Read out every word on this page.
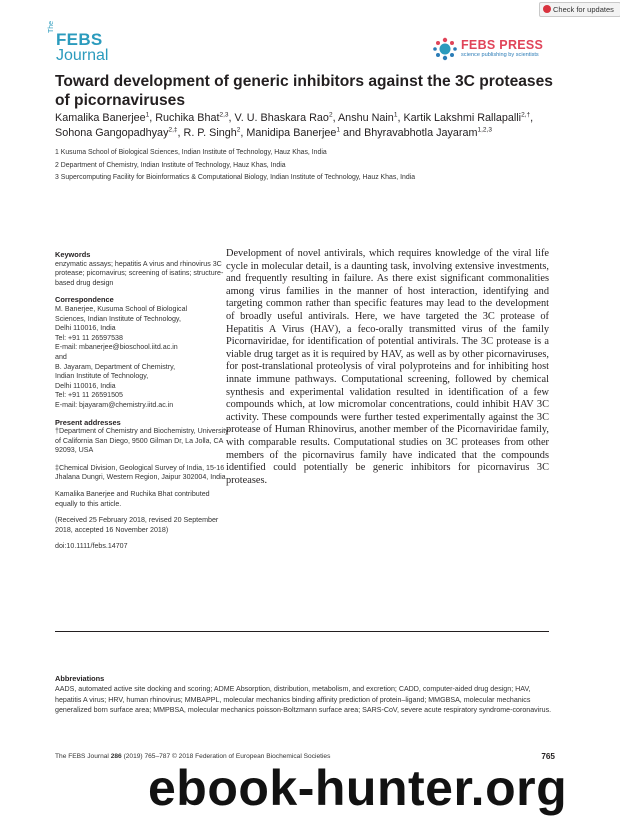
Check for updates
The
FEBS
Journal
FEBS PRESS
science publishing by scientists
Toward development of generic inhibitors against the 3C proteases of picornaviruses
Kamalika Banerjee$^1$, Ruchika Bhat$^{2,3}$, V. U. Bhaskara Rao$^2$, Anshu Nain$^1$, Kartik Lakshmi Rallapalli$^{2,\dagger}$, Sohona Gangopadhyay$^{2,\ddagger}$, R. P. Singh$^2$, Manidipa Banerjee$^1$ and Bhyravabhotla Jayaram$^{1,2,3}$
1 Kusuma School of Biological Sciences, Indian Institute of Technology, Hauz Khas, India
2 Department of Chemistry, Indian Institute of Technology, Hauz Khas, India
3 Supercomputing Facility for Bioinformatics & Computational Biology, Indian Institute of Technology, Hauz Khas, India

Keywords

enzymatic assays; hepatitis A virus and rhinovirus 3C protease; picornavirus; screening of isatins; structure-based drug design

Correspondence

M. Banerjee, Kusuma School of Biological

Sciences, Indian Institute of Technology,

Delhi 110016, India

Tel: +91 11 26597538

E-mail: mbanerjee@bioschool.iitd.ac.in

and

B. Jayaram, Department of Chemistry,

Indian Institute of Technology,

Delhi 110016, India

Tel: +91 11 26591505

E-mail: bjayaram@chemistry.iitd.ac.in

Present addresses

†Department of Chemistry and Biochemistry, University of California San Diego, 9500 Gilman Dr, La Jolla, CA 92093, USA

‡Chemical Division, Geological Survey of India, 15-16 Jhalana Dungri, Western Region, Jaipur 302004, India

Kamalika Banerjee and Ruchika Bhat contributed equally to this article.

(Received 25 February 2018, revised 20 September 2018, accepted 16 November 2018)

doi:10.1111/febs.14707

Development of novel antivirals, which requires knowledge of the viral life cycle in molecular detail, is a daunting task, involving extensive investments, and frequently resulting in failure. As there exist significant commonalities among virus families in the manner of host interaction, identifying and targeting common rather than specific features may lead to the development of broadly useful antivirals. Here, we have targeted the 3C protease of Hepatitis A Virus (HAV), a feco-orally transmitted virus of the family Picornaviridae, for identification of potential antivirals. The 3C protease is a viable drug target as it is required by HAV, as well as by other picornaviruses, for post-translational proteolysis of viral polyproteins and for inhibiting host innate immune pathways. Computational screening, followed by chemical synthesis and experimental validation resulted in identification of a few compounds which, at low micromolar concentrations, could inhibit HAV 3C activity. These compounds were further tested experimentally against the 3C protease of Human Rhinovirus, another member of the Picornaviridae family, with comparable results. Computational studies on 3C proteases from other members of the picornavirus family have indicated that the compounds identified could potentially be generic inhibitors for picornavirus 3C proteases.

Abbreviations
AADS, automated active site docking and scoring; ADME Absorption, distribution, metabolism, and excretion; CADD, computer-aided drug design; HAV, hepatitis A virus; HRV, human rhinovirus; MMBAPPL, molecular mechanics binding affinity prediction of protein–ligand; MMGBSA, molecular mechanics generalized born surface area; MMPBSA, molecular mechanics poisson-Boltzmann surface area; SARS-CoV, severe acute respiratory syndrome-coronavirus.
The FEBS Journal 286 (2019) 765–787 © 2018 Federation of European Biochemical Societies	765
ebook-hunter.org
